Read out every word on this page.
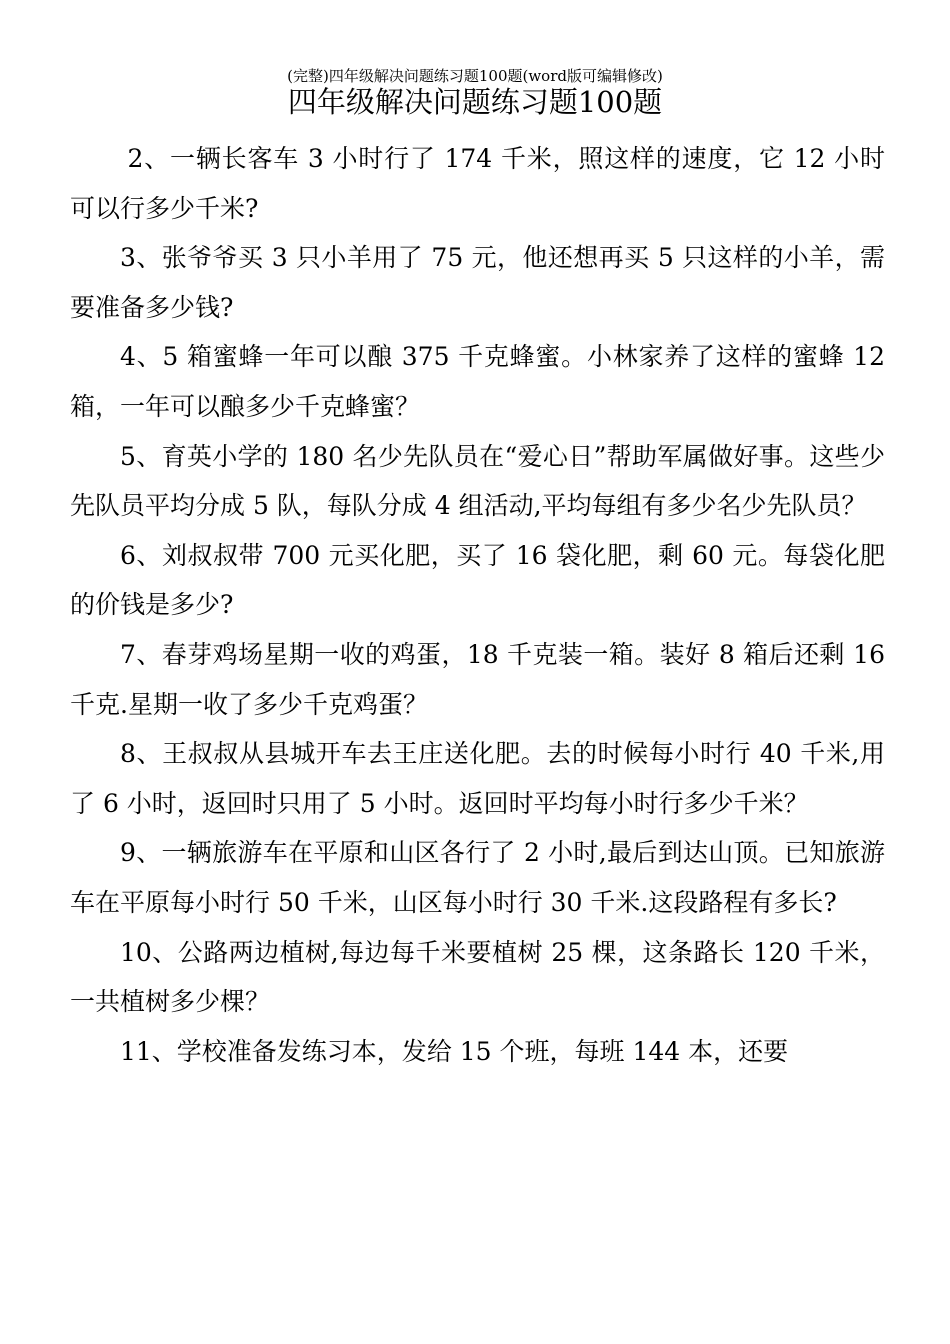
(完整)四年级解决问题练习题100题(word版可编辑修改)
四年级解决问题练习题100题

2、一辆长客车 3 小时行了 174 千米，照这样的速度，它 12 小时可以行多少千米?

3、张爷爷买 3 只小羊用了 75 元，他还想再买 5 只这样的小羊，需要准备多少钱?

4、5 箱蜜蜂一年可以酿 375 千克蜂蜜。小林家养了这样的蜜蜂 12 箱，一年可以酿多少千克蜂蜜？

5、育英小学的 180 名少先队员在“爱心日”帮助军属做好事。这些少先队员平均分成 5 队，每队分成 4 组活动,平均每组有多少名少先队员？

6、刘叔叔带 700 元买化肥，买了 16 袋化肥，剩 60 元。每袋化肥的价钱是多少?

7、春芽鸡场星期一收的鸡蛋，18 千克装一箱。装好 8 箱后还剩 16 千克.星期一收了多少千克鸡蛋？

8、王叔叔从县城开车去王庄送化肥。去的时候每小时行 40 千米,用了 6 小时，返回时只用了 5 小时。返回时平均每小时行多少千米？

9、一辆旅游车在平原和山区各行了 2 小时,最后到达山顶。已知旅游车在平原每小时行 50 千米，山区每小时行 30 千米.这段路程有多长?

10、公路两边植树,每边每千米要植树 25 棵，这条路长 120 千米，一共植树多少棵？

11、学校准备发练习本，发给 15 个班，每班 144 本，还要
